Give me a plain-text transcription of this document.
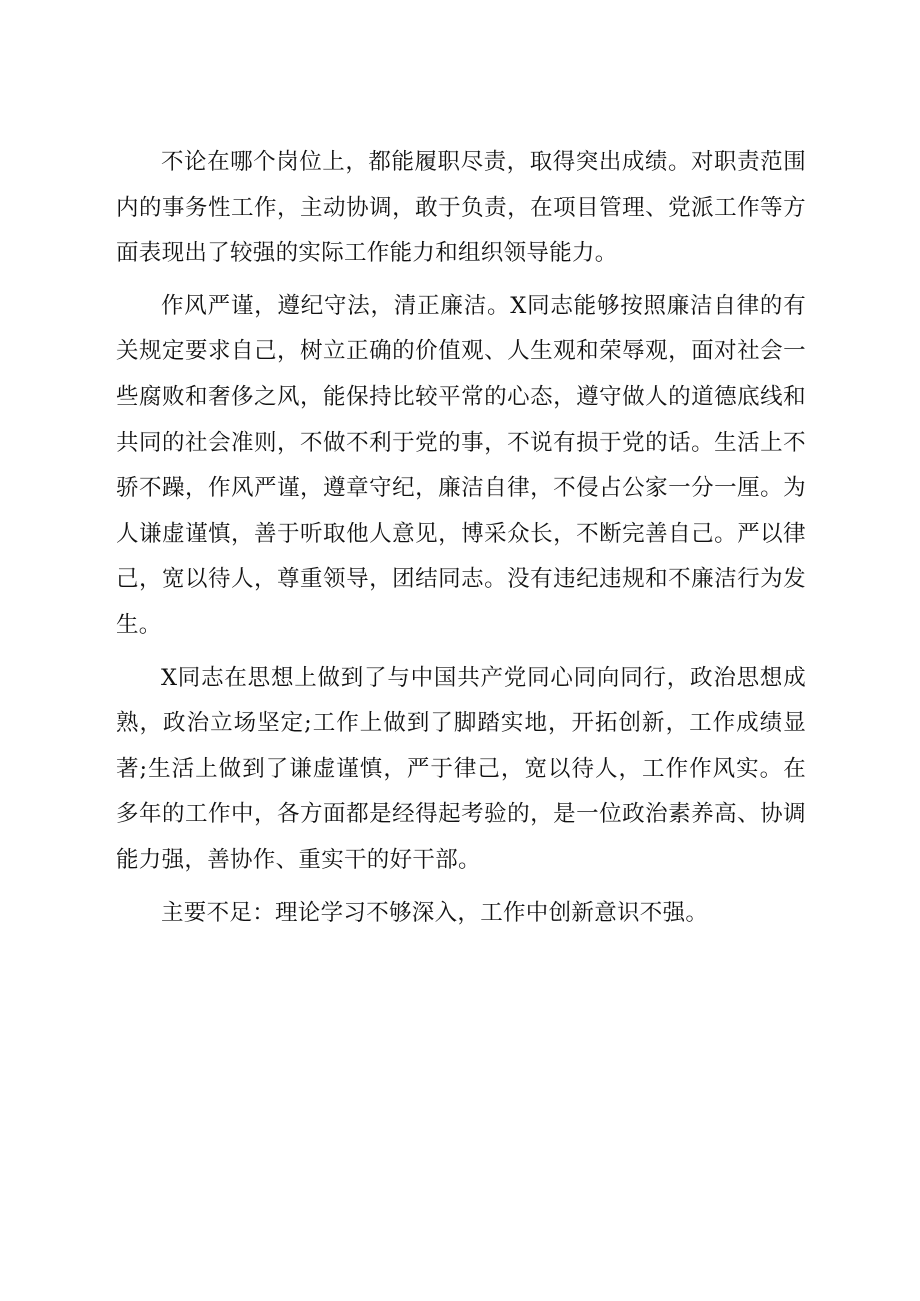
不论在哪个岗位上，都能履职尽责，取得突出成绩。对职责范围内的事务性工作，主动协调，敢于负责，在项目管理、党派工作等方面表现出了较强的实际工作能力和组织领导能力。

作风严谨，遵纪守法，清正廉洁。X同志能够按照廉洁自律的有关规定要求自己，树立正确的价值观、人生观和荣辱观，面对社会一些腐败和奢侈之风，能保持比较平常的心态，遵守做人的道德底线和共同的社会准则，不做不利于党的事，不说有损于党的话。生活上不骄不躁，作风严谨，遵章守纪，廉洁自律，不侵占公家一分一厘。为人谦虚谨慎，善于听取他人意见，博采众长，不断完善自己。严以律己，宽以待人，尊重领导，团结同志。没有违纪违规和不廉洁行为发生。

X同志在思想上做到了与中国共产党同心同向同行，政治思想成熟，政治立场坚定;工作上做到了脚踏实地，开拓创新，工作成绩显著;生活上做到了谦虚谨慎，严于律己，宽以待人，工作作风实。在多年的工作中，各方面都是经得起考验的，是一位政治素养高、协调能力强，善协作、重实干的好干部。

主要不足：理论学习不够深入，工作中创新意识不强。
